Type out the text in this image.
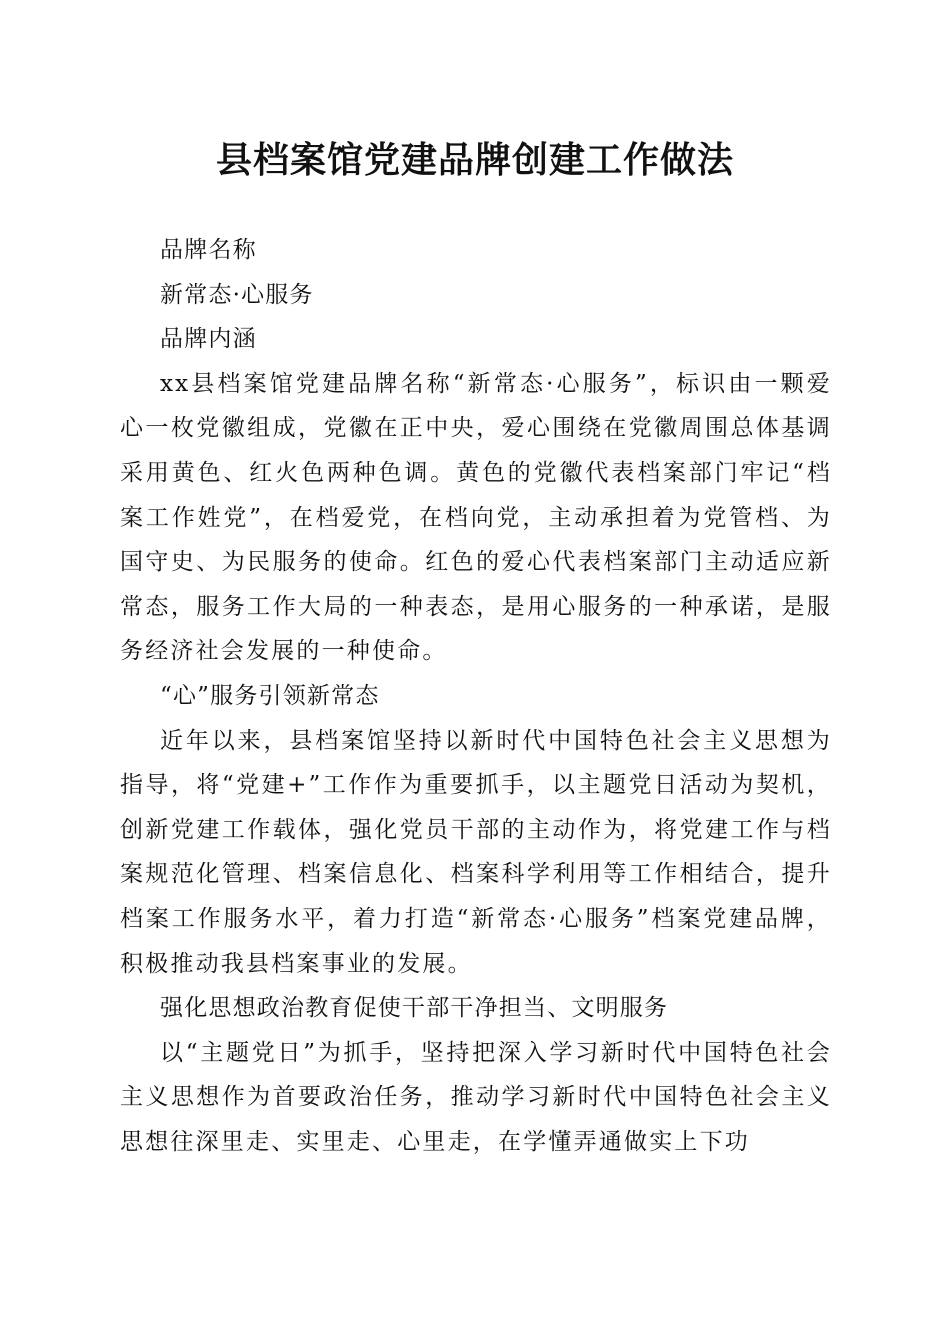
县档案馆党建品牌创建工作做法

品牌名称

新常态·心服务

品牌内涵

xx县档案馆党建品牌名称“新常态·心服务”，标识由一颗爱心一枚党徽组成，党徽在正中央，爱心围绕在党徽周围总体基调采用黄色、红火色两种色调。黄色的党徽代表档案部门牢记“档案工作姓党”，在档爱党，在档向党，主动承担着为党管档、为国守史、为民服务的使命。红色的爱心代表档案部门主动适应新常态，服务工作大局的一种表态，是用心服务的一种承诺，是服务经济社会发展的一种使命。

“心”服务引领新常态

近年以来，县档案馆坚持以新时代中国特色社会主义思想为指导，将“党建+”工作作为重要抓手，以主题党日活动为契机，创新党建工作载体，强化党员干部的主动作为，将党建工作与档案规范化管理、档案信息化、档案科学利用等工作相结合，提升档案工作服务水平，着力打造“新常态·心服务”档案党建品牌，积极推动我县档案事业的发展。

强化思想政治教育促使干部干净担当、文明服务

以“主题党日”为抓手，坚持把深入学习新时代中国特色社会主义思想作为首要政治任务，推动学习新时代中国特色社会主义思想往深里走、实里走、心里走，在学懂弄通做实上下功
